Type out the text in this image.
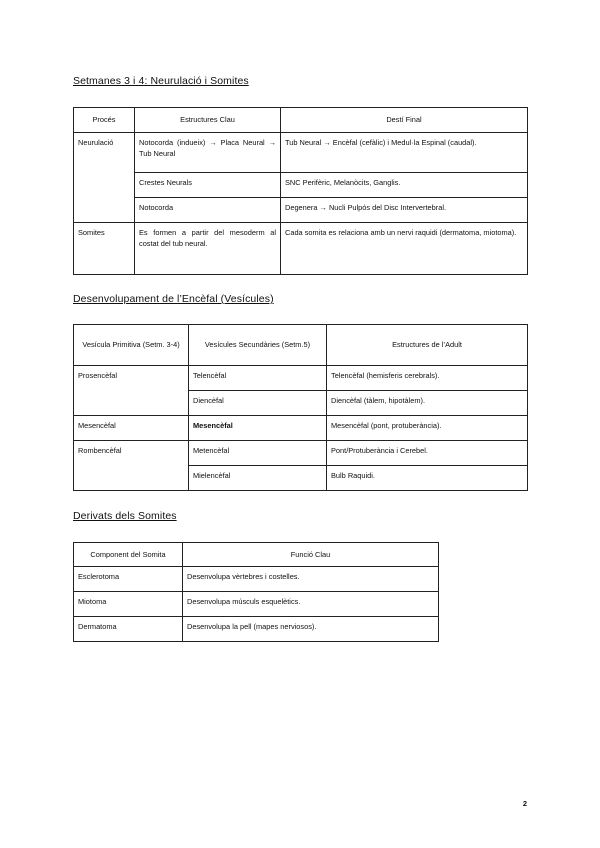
Setmanes 3 i 4: Neurulació i Somites
Procés	Estructures Clau	Destí Final
Neurulació	Notocorda (indueix) → Placa Neural → Tub Neural	Tub Neural → Encèfal (cefàlic) i Medul·la Espinal (caudal).
	Crestes Neurals	SNC Perifèric, Melanòcits, Ganglis.
	Notocorda	Degenera → Nucli Pulpós del Disc Intervertebral.
Somites	Es formen a partir del mesoderm al costat del tub neural.	Cada somita es relaciona amb un nervi raquidi (dermatoma, miotoma).
Desenvolupament de l’Encèfal (Vesícules)
Vesícula Primitiva (Setm. 3-4)	Vesícules Secundàries (Setm.5)	Estructures de l’Adult
Prosencèfal	Telencèfal	Telencèfal (hemisferis cerebrals).
	Diencèfal	Diencèfal (tàlem, hipotàlem).
Mesencèfal	Mesencèfal	Mesencèfal (pont, protuberància).
Rombencèfal	Metencèfal	Pont/Protuberància i Cerebel.
	Mielencèfal	Bulb Raquidi.
Derivats dels Somites
Component del Somita	Funció Clau
Esclerotoma	Desenvolupa vèrtebres i costelles.
Miotoma	Desenvolupa músculs esquelètics.
Dermatoma	Desenvolupa la pell (mapes nerviosos).
2
